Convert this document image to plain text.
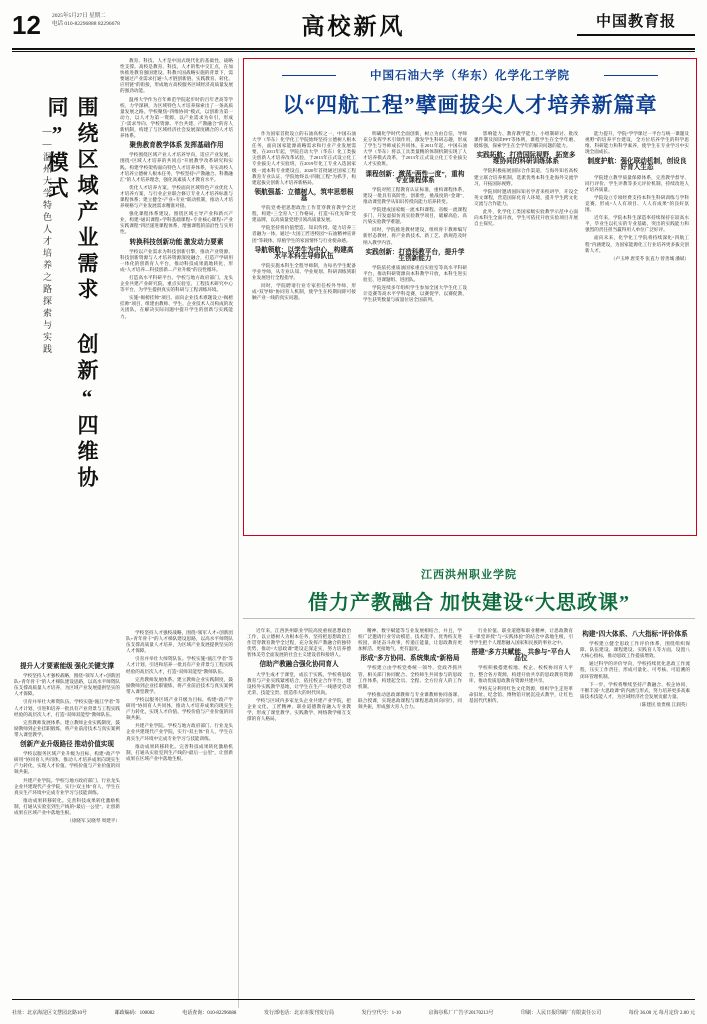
12 2025年5月27日 星期二
电话 010-82296888 82296678	高校新风	中国教育报
围绕区域产业需求 创新“四维协同”模式
——温州大学特色人才培养之路探索与实践

教育、科技、人才是中国式现代化的基础性、战略性支撑。高校是教育、科技、人才的集中交汇点，在加快推进教育强国建设、科教兴国战略实施的背景下，需要通过产业需求打通“人才链创新链、实践教育、转化、应用链”的衔接，形成地方高校服务区域经济高质量发展的强劲动能。

温州大学作为百年师范学院起步时的百年老高等学校，力学深耕，为区域特色人才培养探索出了一条高质量发展之路。学校聚焦“四维协同”模式，以创新为第一动力，以人才为第一资源，以产业需求为牵引，形成了“需求导向、学校资源、平台共建、产教融合”的育人新机制，构建了与区域经济社会发展深度耦合的人才培养体系。

聚焦教育教学体系 发挥基础作用

学校围绕区域产业人才培养导向，适应产业发展，围绕“区域人才培养的共同点”开展教学改革研究和实践。构建学校架构面向特色人才培养体系，夯实高校人才培养立德树人根本任务，学校坚持“产教融合、科教融汇”的人才培养理念，强化高素质人才教育水平。

优化人才培养方案。学校面向区域特色产业优化人才培养方案，与行业企业联合修订专业人才培养标准与课程体系；建立健全“产业+专业”联动机制，推动人才培养规格与产业发展需求精准对接。

强化课程体系建设。围绕区域主导产业和新兴产业，构建“通识课程+学科基础课程+专业核心课程+产业实践课程”四层递进课程体系，增强课程的前沿性与实用性。

转换科技创新功能 激发动力要素

学校以产业需求为科技创新引擎，推动产业资源、科技创新资源与人才培养资源深度融合，打造产学研用一体化的创新育人平台，推动科技成果就地转化，形成“人才培养—科技创新—产业升级”的良性循环。

打造高水平科研平台。学校与地方政府部门、龙头企业共建产业研究院、重点实验室、工程技术研究中心等平台，为学生提供真实的科研与工程训练环境。

实施“揭榜挂帅”项目。面向企业技术难题设立“揭榜挂帅”项目，组建由教师、学生、企业技术人员构成的攻关团队，在解决实际问题中提升学生的创新与实践能力。

提升人才要素能级 强化关键支撑

学校坚持人才强校战略，围绕“领军人才+创新团队+青年骨干”的人才梯队建设思路，以高水平师资队伍支撑高质量人才培养，为区域产业发展提供坚实的人才保障。

引育并举壮大师资队伍。学校实施“瓯江学者”等人才计划，引进和培养一批具有产业背景与工程实践经验的高层次人才，打造“双师双能型”教师队伍。

完善教师发展体系。建立教师企业实践制度，鼓励教师到企业挂职锻炼，将产业前沿技术与真实案例带入课堂教学。

创新产业升级路径 推动价值实现

学校以服务区域产业升级为目标，构建“政产学研用”协同育人共同体，推动人才培养成果向现实生产力转化，实现人才价值、学校价值与产业价值的同频共振。

共建产业学院。学校与地方政府部门、行业龙头企业共建现代产业学院，实行“双主体”育人，学生在真实生产环境中完成专业学习与技能训练。

推动成果转移转化。完善科技成果转化激励机制，打通从实验室到生产线的“最后一公里”，让创新成果在区域产业中落地生根。

（徐晓军 吴晓琴 周建平）

学校坚持人才强校战略，围绕“领军人才+创新团队+青年骨干”的人才梯队建设思路，以高水平师资队伍支撑高质量人才培养，为区域产业发展提供坚实的人才保障。

引育并举壮大师资队伍。学校实施“瓯江学者”等人才计划，引进和培养一批具有产业背景与工程实践经验的高层次人才，打造“双师双能型”教师队伍。

完善教师发展体系。建立教师企业实践制度，鼓励教师到企业挂职锻炼，将产业前沿技术与真实案例带入课堂教学。

学校以服务区域产业升级为目标，构建“政产学研用”协同育人共同体，推动人才培养成果向现实生产力转化，实现人才价值、学校价值与产业价值的同频共振。

共建产业学院。学校与地方政府部门、行业龙头企业共建现代产业学院，实行“双主体”育人，学生在真实生产环境中完成专业学习与技能训练。

推动成果转移转化。完善科技成果转化激励机制，打通从实验室到生产线的“最后一公里”，让创新成果在区域产业中落地生根。

中国石油大学（华东）化学化工学院
以“四航工程”擘画拔尖人才培养新篇章

作为国家首批设立的石油高校之一，中国石油大学（华东）化学化工学院始终坚持立德树人根本任务，面向国家能源战略需求和行业产业发展需要，在2011年起，学院启动大学（华东）化工类拔尖创新人才培养改革试验，于2013年正式设立化工专业拔尖人才实验班，在2019年化工专业入选国家级一流本科专业建设点，2020年首批通过国家工程教育专业认证，学院始终以“四航工程”为抓手，构建起拔尖创新人才培养新格局。

领航强基：立德树人，筑牢思想根基

学院党委把思想政治工作贯穿教育教学全过程，构建“三全育人”工作格局，打造“石化先锋”党建品牌，以高质量党建引领高质量发展。

学院坚持将价值塑造、知识传授、能力培养三者融为一体，通过“大国工匠进校园”“石油精神宣讲团”等载体，厚植学生的家国情怀与行业使命感。

导航领航：以学生为中心，构建高水平本科生导师队伍

学院实施本科生全程导师制，为每名学生配备学业导师，从专业认知、学业规划、科研训练到职业发展进行全程指导。

同时，学院聘请行业专家担任校外导师，形成“双导师”协同育人机制，使学生在校期间即可接触产业一线的真实问题。

明确化学时代全面创新，树立为由自信，导师充分发挥学术引领作用，激发学生科研志趣，形成了学生与导师成长共同体。在2011年起，中国石油大学（华东）将以工具类量精的体制机制实现了人才培养模式改革，于2013年正式设立化工专业拔尖人才实验班。

课程创新：激荡“两性一度”，重构专业课程体系

学院对照工程教育认证标准，重构课程体系，建设一批具有高阶性、创新性、挑战度的“金课”，推动课堂教学从知识传授向能力培养转变。

学院建成国家级一流本科课程、省级一流课程多门，开发虚拟仿真实验教学项目，破解高危、高污染实验教学难题。

同时，学院推进教材建设，组织骨干教师编写新形态教材，将产业新技术、新工艺、新规范及时纳入教学内容。

实践创新：打造科教平台，提升学生创新能力

学院依托重质油国家重点实验室等高水平科研平台，推动科研资源向本科教学开放，本科生进实验室、进课题组、进团队。

学院连续多年组织学生参加全国大学生化工设计竞赛等高水平学科竞赛，以赛促学、以赛促教，学生获奖数量与质量位居全国前列。

影响能力、教育教学能力，小组制研讨、批改课件制及阅读PPT等体例，课程学生在全学年磨、锻炼强，探索学生在全学年的解决问题的能力。

实践拓航：打造国际视野，拓宽多维协同的科研训练体系

学院积极拓展国际合作渠道，与海外知名高校建立联合培养机制，选派优秀本科生赴海外交流学习，开拓国际视野。

学院同时邀请国际知名学者来校讲学，开设全英文课程，营造国际化育人环境，提升学生跨文化交流与合作能力。

此外，化学化工类国家级实验教学示范中心面向本科生全面开放，学生可依托开放实验项目开展自主探究。

能力提升，学院“学学课过一平台与统一课题及视野”的培养平台建设，全方位培养学生的科学思维、科研能力和科学素养，使学生在专业学习中实现全面成长。

制度护航：强化联动机制，创设良好育人生态

学院建立教学质量保障体系，完善教学督导、同行评价、学生评教等多元评价机制，持续改进人才培养质量。

学院设立专项经费支持本科生科研训练与学科竞赛，形成“人人有项目、人人有成果”的良好氛围。

近年来，学院本科生深造率持续保持在较高水平，毕业生以扎实的专业基础、突出的实践能力和强烈的责任担当赢得用人单位广泛好评。

面向未来，化学化工学院将持续深化“四航工程”内涵建设，为国家能源化工行业培养更多拔尖创新人才。

（卢玉坤 唐雯苓 张直力 曾善城 潘斌）

江西洪州职业学院
借力产教融合 加快建设“大思政课”

近年来，江西洪州职业学院高度重视思想政治工作，以立德树人为根本任务，坚持把思想政治工作贯穿教育教学全过程，充分发挥产教融合的独特优势，推动“大思政课”建设走深走实，努力培养德智体美劳全面发展的社会主义建设者和接班人。

信助产教融合强化协同育人

大学生成才于课堂，成长于实践，学校将思政教育与产业实践紧密结合，依托校企合作平台，建设校外实践教学基地，让学生在生产一线感受劳动光荣、技能宝贵、创造伟大的时代风尚。

学校与区域内多家龙头企业共建产业学院，把企业文化、工匠精神、职业道德教育融入专业教学，形成了课堂教学、实践教学、网络教学相互支撑的育人格局。

精神、数字赋能等与业发展相结合，并且，学校广泛邀请行业劳动模范、技术能手、优秀校友进校园，讲述奋斗故事，传递正能量，让思政教育更加鲜活、更接地气、更有温度。

形成“多方协同、系统集成”新格局

学校建立由学校党委统一领导、党政齐抓共管、相关部门协同配合、全校师生共同参与的思政工作体系，构建起全员、全程、全方位育人的工作机制。

学校推动思政课教师与专业课教师协同备课、联合授课，实现思政课程与课程思政同向同行、同频共振，形成强大育人合力。

行业价值、职业道德和职业精神，让思政教育在“课堂讲授”与“实践体验”的结合中落地生根，引导学生把个人理想融入国家和民族的事业之中。

搭建“多方共赋能、共参与”平台人品位

学校积极搭建校地、校企、校校协同育人平台，整合各方资源，构建开放共享的思政教育资源库，推动优质思政教育资源共建共享。

学校充分利用红色文化资源，组织学生走进革命旧址、纪念馆、博物馆开展沉浸式教学，让红色基因代代相传。

构建“四大体系、八大指标”评价体系

学校建立健全思政工作评价体系，围绕组织保障、队伍建设、课程建设、实践育人等方面，设置八大核心指标，推动思政工作提质增效。

通过科学的评价导向，学校持续优化思政工作流程，压实工作责任，形成可量化、可考核、可追溯的闭环管理机制。

下一步，学校将继续坚持产教融合、校企协同，不断丰富“大思政课”的内涵与形式，努力培养更多高素质技术技能人才，为区域经济社会发展贡献力量。

（陈建民 詹贵根 江润英）

社址：北京海淀区文慧园北路10号	邮政编码：100082	电话查询：010-82296688	发行部电话：北京市报刊发行局	发行空代号：1-10	京海尔私厂广告字20170213号	印刷：人民日报印刷厂有限责任公司	每份 36.00 元 每月定价 2.00 元
